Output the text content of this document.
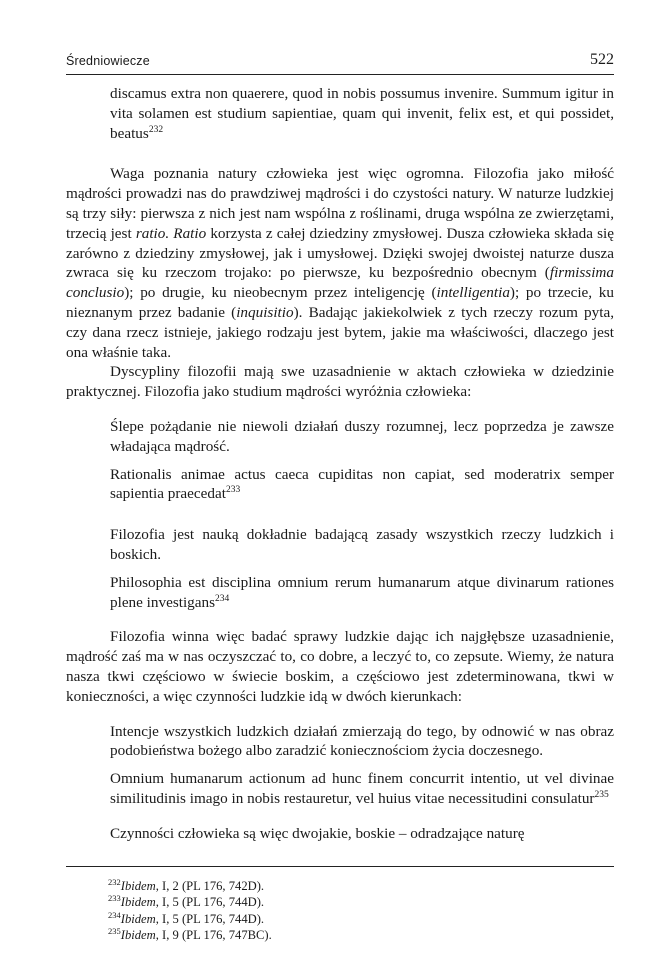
Średniowiecze	522

discamus extra non quaerere, quod in nobis possumus invenire. Summum igitur in vita solamen est studium sapientiae, quam qui invenit, felix est, et qui possidet, beatus$^{232}$

Waga poznania natury człowieka jest więc ogromna. Filozofia jako miłość mądrości prowadzi nas do prawdziwej mądrości i do czystości natury. W naturze ludzkiej są trzy siły: pierwsza z nich jest nam wspólna z roślinami, druga wspólna ze zwierzętami, trzecią jest ratio. Ratio korzysta z całej dziedziny zmysłowej. Dusza człowieka składa się zarówno z dziedziny zmysłowej, jak i umysłowej. Dzięki swojej dwoistej naturze dusza zwraca się ku rzeczom trojako: po pierwsze, ku bezpośrednio obecnym (firmissima conclusio); po drugie, ku nieobecnym przez inteligencję (intelligentia); po trzecie, ku nieznanym przez badanie (inquisitio). Badając jakiekolwiek z tych rzeczy rozum pyta, czy dana rzecz istnieje, jakiego rodzaju jest bytem, jakie ma właściwości, dlaczego jest ona właśnie taka.

Dyscypliny filozofii mają swe uzasadnienie w aktach człowieka w dziedzinie praktycznej. Filozofia jako studium mądrości wyróżnia człowieka:

Ślepe pożądanie nie niewoli działań duszy rozumnej, lecz poprzedza je zawsze władająca mądrość.

Rationalis animae actus caeca cupiditas non capiat, sed moderatrix semper sapientia praecedat$^{233}$

Filozofia jest nauką dokładnie badającą zasady wszystkich rzeczy ludzkich i boskich.

Philosophia est disciplina omnium rerum humanarum atque divinarum rationes plene investigans$^{234}$

Filozofia winna więc badać sprawy ludzkie dając ich najgłębsze uzasadnienie, mądrość zaś ma w nas oczyszczać to, co dobre, a leczyć to, co zepsute. Wiemy, że natura nasza tkwi częściowo w świecie boskim, a częściowo jest zdeterminowana, tkwi w konieczności, a więc czynności ludzkie idą w dwóch kierunkach:

Intencje wszystkich ludzkich działań zmierzają do tego, by odnowić w nas obraz podobieństwa bożego albo zaradzić koniecznościom życia doczesnego.

Omnium humanarum actionum ad hunc finem concurrit intentio, ut vel divinae similitudinis imago in nobis restauretur, vel huius vitae necessitudini consulatur$^{235}$

Czynności człowieka są więc dwojakie, boskie – odradzające naturę

$^{232}$Ibidem, I, 2 (PL 176, 742D).
$^{233}$Ibidem, I, 5 (PL 176, 744D).
$^{234}$Ibidem, I, 5 (PL 176, 744D).
$^{235}$Ibidem, I, 9 (PL 176, 747BC).
